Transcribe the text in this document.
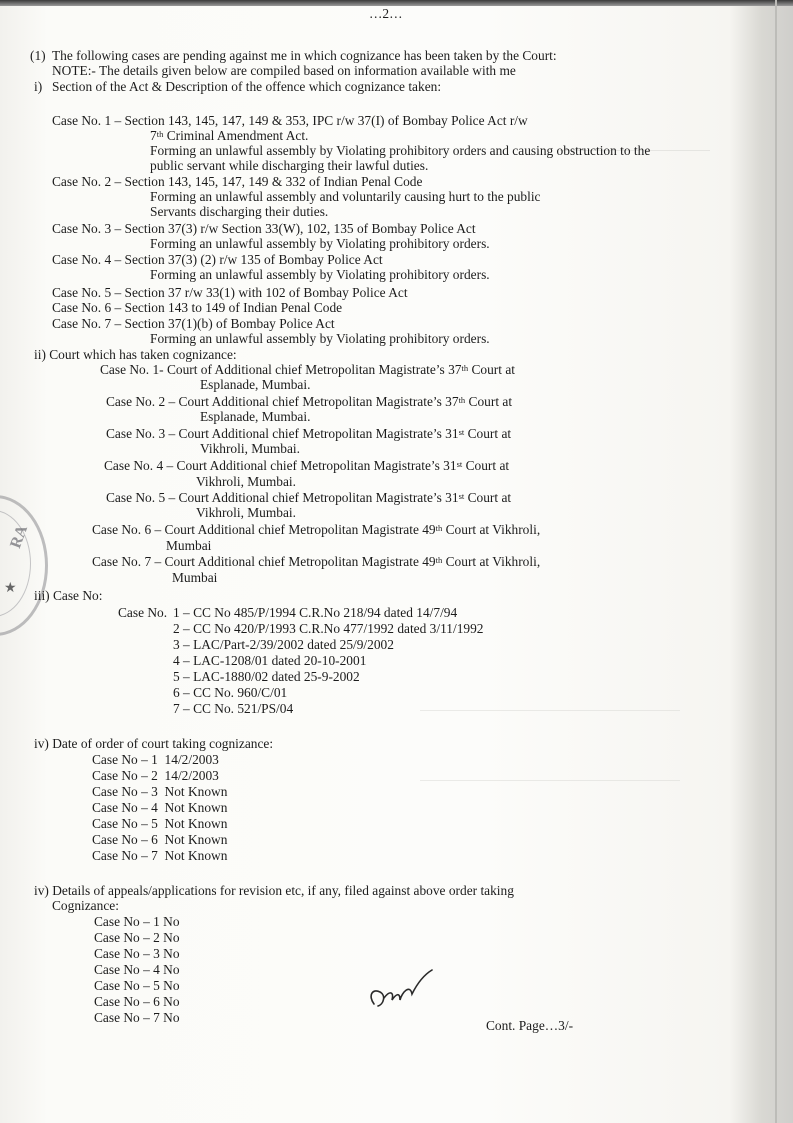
RA
★
…2…
(1) The following cases are pending against me in which cognizance has been taken by the Court:
NOTE:- The details given below are compiled based on information available with me
i) Section of the Act & Description of the offence which cognizance taken:
Case No. 1 – Section 143, 145, 147, 149 & 353, IPC r/w 37(I) of Bombay Police Act r/w
7th Criminal Amendment Act.
Forming an unlawful assembly by Violating prohibitory orders and causing obstruction to the
public servant while discharging their lawful duties.
Case No. 2 – Section 143, 145, 147, 149 & 332 of Indian Penal Code
Forming an unlawful assembly and voluntarily causing hurt to the public
Servants discharging their duties.
Case No. 3 – Section 37(3) r/w Section 33(W), 102, 135 of Bombay Police Act
Forming an unlawful assembly by Violating prohibitory orders.
Case No. 4 – Section 37(3) (2) r/w 135 of Bombay Police Act
Forming an unlawful assembly by Violating prohibitory orders.
Case No. 5 – Section 37 r/w 33(1) with 102 of Bombay Police Act
Case No. 6 – Section 143 to 149 of Indian Penal Code
Case No. 7 – Section 37(1)(b) of Bombay Police Act
Forming an unlawful assembly by Violating prohibitory orders.
ii) Court which has taken cognizance:
Case No. 1- Court of Additional chief Metropolitan Magistrate’s 37th Court at
Esplanade, Mumbai.
Case No. 2 – Court Additional chief Metropolitan Magistrate’s 37th Court at
Esplanade, Mumbai.
Case No. 3 – Court Additional chief Metropolitan Magistrate’s 31st Court at
Vikhroli, Mumbai.
Case No. 4 – Court Additional chief Metropolitan Magistrate’s 31st Court at
Vikhroli, Mumbai.
Case No. 5 – Court Additional chief Metropolitan Magistrate’s 31st Court at
Vikhroli, Mumbai.
Case No. 6 – Court Additional chief Metropolitan Magistrate 49th Court at Vikhroli,
Mumbai
Case No. 7 – Court Additional chief Metropolitan Magistrate 49th Court at Vikhroli,
Mumbai
iii) Case No:
Case No. 1 – CC No 485/P/1994 C.R.No 218/94 dated 14/7/94
2 – CC No 420/P/1993 C.R.No 477/1992 dated 3/11/1992
3 – LAC/Part-2/39/2002 dated 25/9/2002
4 – LAC-1208/01 dated 20-10-2001
5 – LAC-1880/02 dated 25-9-2002
6 – CC No. 960/C/01
7 – CC No. 521/PS/04
iv) Date of order of court taking cognizance:
Case No – 1 14/2/2003
Case No – 2 14/2/2003
Case No – 3 Not Known
Case No – 4 Not Known
Case No – 5 Not Known
Case No – 6 Not Known
Case No – 7 Not Known
iv) Details of appeals/applications for revision etc, if any, filed against above order taking
Cognizance:
Case No – 1 No
Case No – 2 No
Case No – 3 No
Case No – 4 No
Case No – 5 No
Case No – 6 No
Case No – 7 No
Cont. Page…3/-
